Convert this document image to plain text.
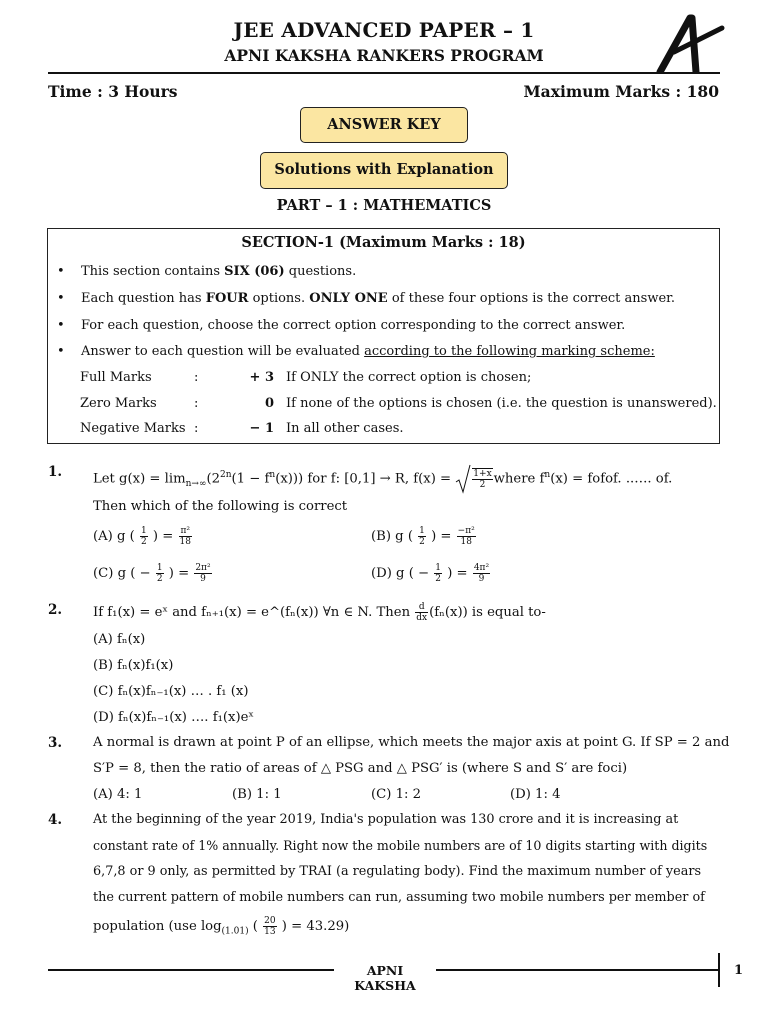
JEE ADVANCED PAPER – 1
APNI KAKSHA RANKERS PROGRAM
Time : 3 Hours	Maximum Marks : 180
ANSWER KEY
Solutions with Explanation
PART – 1 : MATHEMATICS
SECTION-1 (Maximum Marks : 18)
• This section contains SIX (06) questions.
• Each question has FOUR options. ONLY ONE of these four options is the correct answer.
• For each question, choose the correct option corresponding to the correct answer.
• Answer to each question will be evaluated according to the following marking scheme:
Full Marks	:	+ 3 If ONLY the correct option is chosen;
Zero Marks	:	0 If none of the options is chosen (i.e. the question is unanswered).
Negative Marks :	− 1 In all other cases.
1. Let $g(x) = \lim_{n\to\infty}(2^{2n}(1 - f^n(x)))$ for f: [0,1] → R, $f(x) = \frac{1+x}{2}$ where $f^n(x)$ = fofof. ..…. of.
Then which of the following is correct
(A) g ( $\frac{1}{2}$ ) = $\frac{\text{π²}}{18}$	(B) g ( $\frac{1}{2}$ ) = $\frac{\text{−π²}}{18}$
(C) g ( − $\frac{1}{2}$ ) = $\frac{\text{2π²}}{9}$	(D) g ( − $\frac{1}{2}$ ) = $\frac{\text{4π²}}{9}$
2. If f₁(x) = eˣ and fₙ₊₁(x) = e^(fₙ(x)) ∀n ∈ N. Then $\frac{d}{dx} (f_n(x))$ is equal to-
(A) fₙ(x)
(B) fₙ(x)f₁(x)
(C) fₙ(x)fₙ₋₁(x) … . f₁ (x)
(D) fₙ(x)fₙ₋₁(x) …. f₁(x)eˣ
3. A normal is drawn at point P of an ellipse, which meets the major axis at point G. If SP = 2 and
S′P = 8, then the ratio of areas of △ PSG and △ PSG′ is (where S and S′ are foci)
(A) 4: 1	(B) 1: 1	(C) 1: 2	(D) 1: 4
4. At the beginning of the year 2019, India's population was 130 crore and it is increasing at
constant rate of 1% annually. Right now the mobile numbers are of 10 digits starting with digits
6,7,8 or 9 only, as permitted by TRAI (a regulating body). Find the maximum number of years
the current pattern of mobile numbers can run, assuming two mobile numbers per member of
population (use $\log_{(1.01)}$ ( $\frac{20}{13}$ ) = 43.29)
APNI KAKSHA
1
